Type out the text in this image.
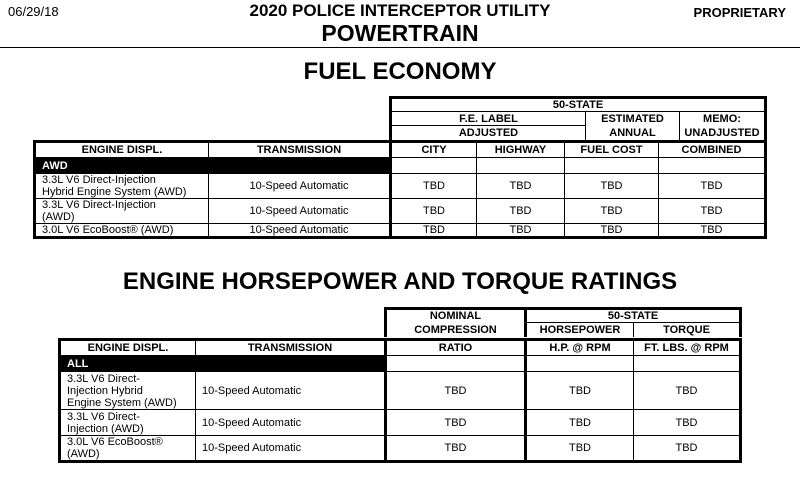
06/29/18	2020 POLICE INTERCEPTOR UTILITY
POWERTRAIN
PROPRIETARY
FUEL ECONOMY
50-STATE		
F.E. LABEL	ESTIMATED	MEMO:
ADJUSTED	ANNUAL	UNADJUSTED
ENGINE DISPL.	TRANSMISSION	CITY	HIGHWAY	FUEL COST	COMBINED
AWD					

3.3L V6 Direct-Injection
Hybrid Engine System (AWD)	10-Speed Automatic	TBD	TBD	TBD	TBD

3.3L V6 Direct-Injection
(AWD)	10-Speed Automatic	TBD	TBD	TBD	TBD
3.0L V6 EcoBoost® (AWD)	10-Speed Automatic	TBD	TBD	TBD	TBD
ENGINE HORSEPOWER AND TORQUE RATINGS
NOMINAL	50-STATE	
COMPRESSION	HORSEPOWER	TORQUE
ENGINE DISPL.	TRANSMISSION	RATIO	H.P. @ RPM	FT. LBS. @ RPM
ALL				

3.3L V6 Direct-
Injection Hybrid
Engine System (AWD)	10-Speed Automatic	TBD	TBD	TBD

3.3L V6 Direct-
Injection (AWD)	10-Speed Automatic	TBD	TBD	TBD

3.0L V6 EcoBoost®
(AWD)	10-Speed Automatic	TBD	TBD	TBD
